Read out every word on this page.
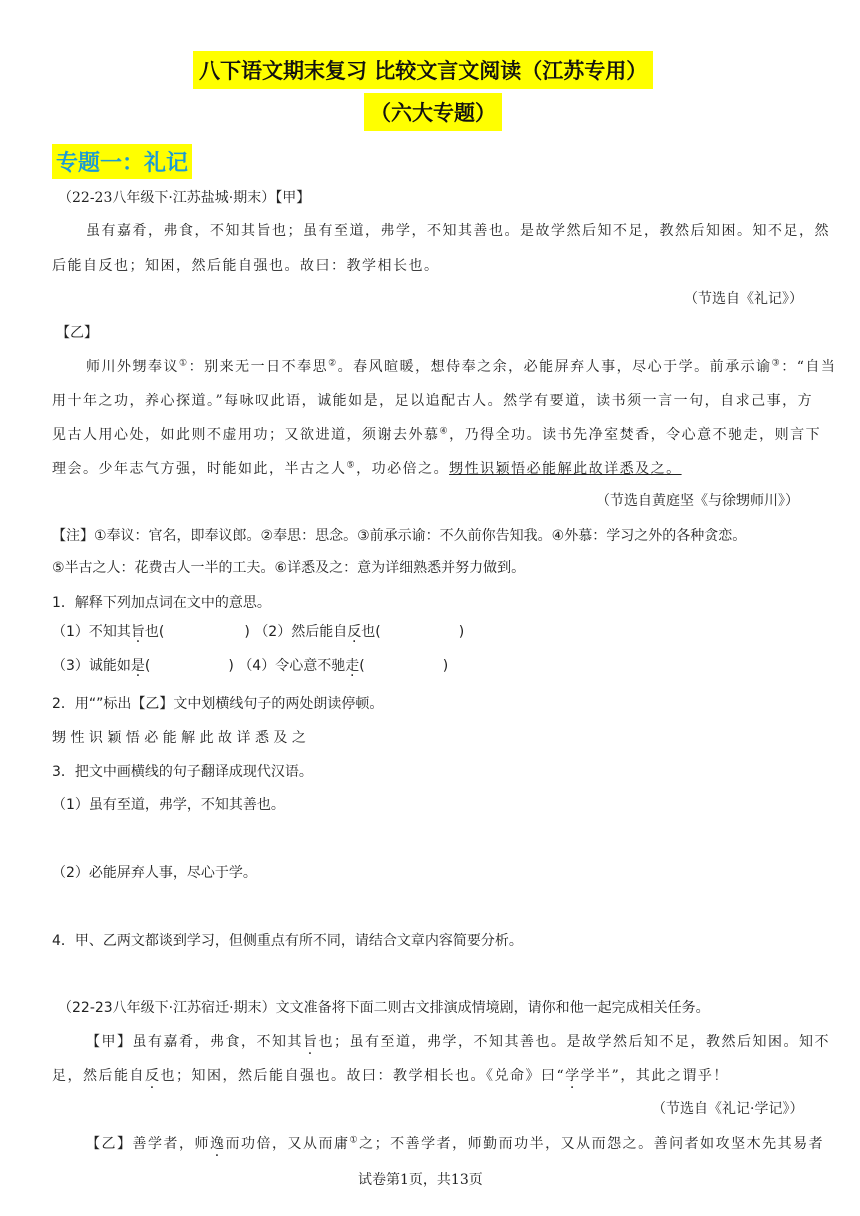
八下语文期末复习 比较文言文阅读（江苏专用）
（六大专题）
专题一：礼记
（22-23八年级下·江苏盐城·期末）【甲】
虽有嘉肴，弗食，不知其旨也；虽有至道，弗学，不知其善也。是故学然后知不足，教然后知困。知不足，然
后能自反也；知困，然后能自强也。故曰：教学相长也。
（节选自《礼记》）
【乙】
师川外甥奉议①：别来无一日不奉思②。春风暄暖，想侍奉之余，必能屏弃人事，尽心于学。前承示谕③：“自当
用十年之功，养心探道。”每咏叹此语，诚能如是，足以追配古人。然学有要道，读书须一言一句，自求己事，方
见古人用心处，如此则不虚用功；又欲进道，须谢去外慕④，乃得全功。读书先净室焚香，令心意不驰走，则言下
理会。少年志气方强，时能如此，半古之人⑤，功必倍之。甥性识颖悟必能解此故详悉及之。
（节选自黄庭坚《与徐甥师川》）
【注】①奉议：官名，即奉议郎。②奉思：思念。③前承示谕：不久前你告知我。④外慕：学习之外的各种贪恋。
⑤半古之人：花费古人一半的工夫。⑥详悉及之：意为详细熟悉并努力做到。
1．解释下列加点词在文中的意思。
（1）不知其旨也(	) （2）然后能自反也(	)
（3）诚能如是(	) （4）令心意不驰走(	)
2．用“”标出【乙】文中划横线句子的两处朗读停顿。
甥 性 识 颖 悟 必 能 解 此 故 详 悉 及 之
3．把文中画横线的句子翻译成现代汉语。
（1）虽有至道，弗学，不知其善也。
（2）必能屏弃人事，尽心于学。
4．甲、乙两文都谈到学习，但侧重点有所不同，请结合文章内容简要分析。
（22-23八年级下·江苏宿迁·期末）文文准备将下面二则古文排演成情境剧，请你和他一起完成相关任务。
【甲】虽有嘉肴，弗食，不知其旨也；虽有至道，弗学，不知其善也。是故学然后知不足，教然后知困。知不
足，然后能自反也；知困，然后能自强也。故曰：教学相长也。《兑命》曰“学学半”，其此之谓乎！
（节选自《礼记·学记》）
【乙】善学者，师逸而功倍，又从而庸①之；不善学者，师勤而功半，又从而怨之。善问者如攻坚木先其易者
试卷第1页，共13页
